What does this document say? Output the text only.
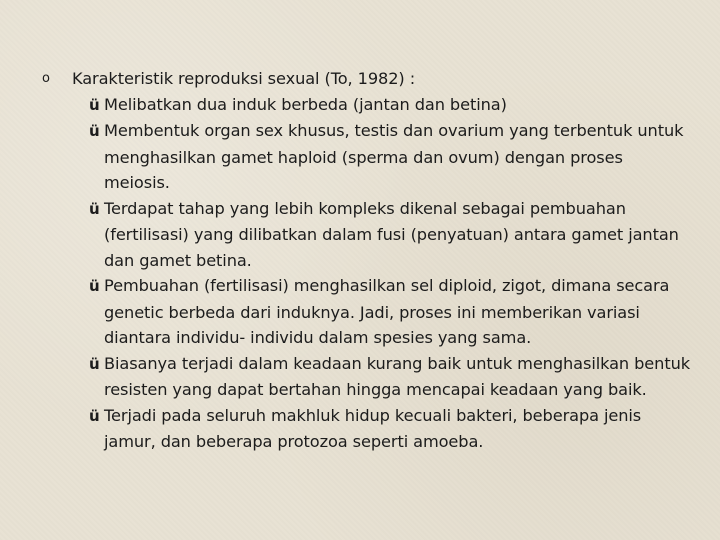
o Karakteristik reproduksi sexual (To, 1982) :
ü Melibatkan dua induk berbeda (jantan dan betina)
ü Membentuk organ sex khusus, testis dan ovarium yang terbentuk untuk menghasilkan gamet haploid (sperma dan ovum) dengan proses meiosis.
ü Terdapat tahap yang lebih kompleks dikenal sebagai pembuahan (fertilisasi) yang dilibatkan dalam fusi (penyatuan) antara gamet jantan dan gamet betina.
ü Pembuahan (fertilisasi) menghasilkan sel diploid, zigot, dimana secara genetic berbeda dari induknya. Jadi, proses ini memberikan variasi diantara individu- individu dalam spesies yang sama.
ü Biasanya terjadi dalam keadaan kurang baik untuk menghasilkan bentuk resisten yang dapat bertahan hingga mencapai keadaan yang baik.
ü Terjadi pada seluruh makhluk hidup kecuali bakteri, beberapa jenis jamur, dan beberapa protozoa seperti amoeba.
